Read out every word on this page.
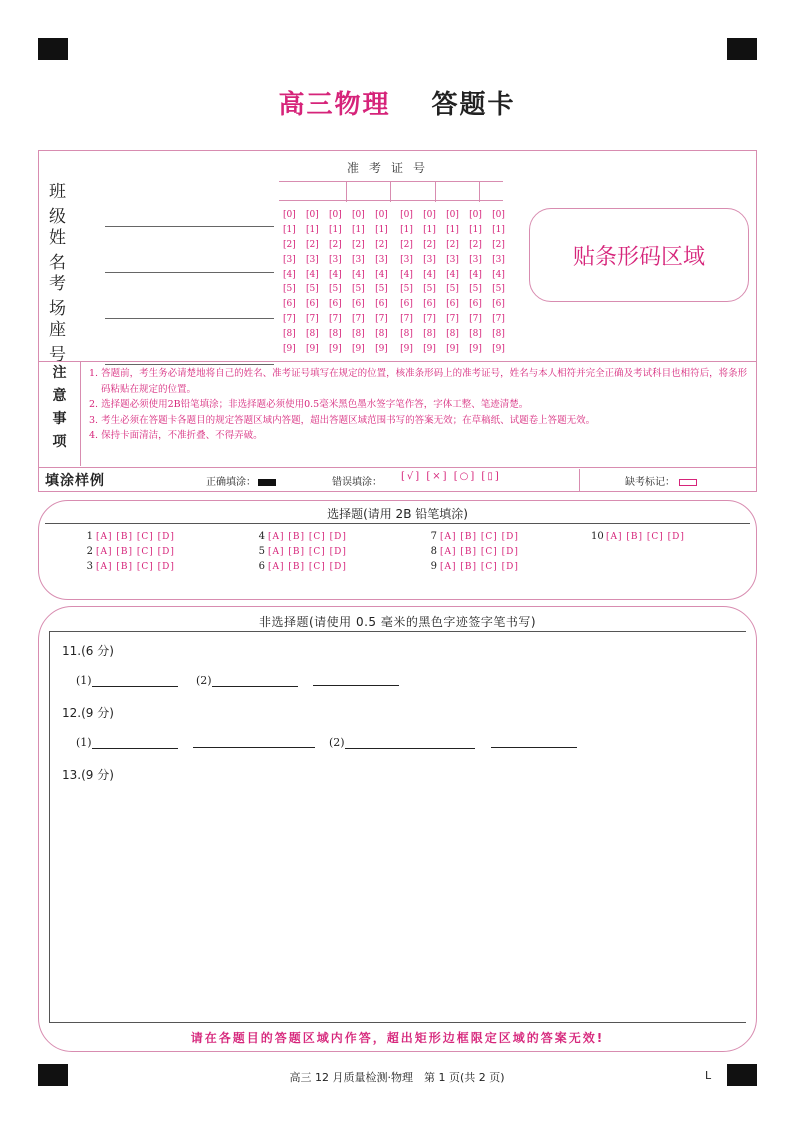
高三物理 答题卡
班级
姓名
考场
座号
准考证号
[0] [0] [0] [0] [0] [0] [0] [0] [0] [0]
[1] [1] [1] [1] [1] [1] [1] [1] [1] [1]
[2] [2] [2] [2] [2] [2] [2] [2] [2] [2]
[3] [3] [3] [3] [3] [3] [3] [3] [3] [3]
[4] [4] [4] [4] [4] [4] [4] [4] [4] [4]
[5] [5] [5] [5] [5] [5] [5] [5] [5] [5]
[6] [6] [6] [6] [6] [6] [6] [6] [6] [6]
[7] [7] [7] [7] [7] [7] [7] [7] [7] [7]
[8] [8] [8] [8] [8] [8] [8] [8] [8] [8]
[9] [9] [9] [9] [9] [9] [9] [9] [9] [9]
贴条形码区域
注
意
事
项
1. 答题前，考生务必请楚地将自己的姓名、准考证号填写在规定的位置，核准条形码上的准考证号，姓名与本人相符并完全正确及考试科目也相符后，将条形码粘贴在规定的位置。
2. 选择题必须使用2B铅笔填涂；非选择题必须使用0.5毫米黑色墨水签字笔作答，字体工整、笔迹清楚。
3. 考生必须在答题卡各题目的规定答题区域内答题，超出答题区域范围书写的答案无效；在草稿纸、试题卷上答题无效。
4. 保持卡面清洁，不准折叠、不得弄破。
填涂样例	正确填涂：	错误填涂：
[√] [×] [○] [▯]
缺考标记：
选择题(请用 2B 铅笔填涂)
1 [A] [B] [C] [D]
2 [A] [B] [C] [D]
3 [A] [B] [C] [D]
4 [A] [B] [C] [D]
5 [A] [B] [C] [D]
6 [A] [B] [C] [D]
7 [A] [B] [C] [D]
8 [A] [B] [C] [D]
9 [A] [B] [C] [D]
10 [A] [B] [C] [D]
非选择题(请使用 0.5 毫米的黑色字迹签字笔书写)
11.(6 分)
(1)	(2)
12.(9 分)
(1)	(2)
13.(9 分)
请在各题目的答题区域内作答，超出矩形边框限定区域的答案无效!
高三 12 月质量检测·物理　第 1 页(共 2 页)	L
